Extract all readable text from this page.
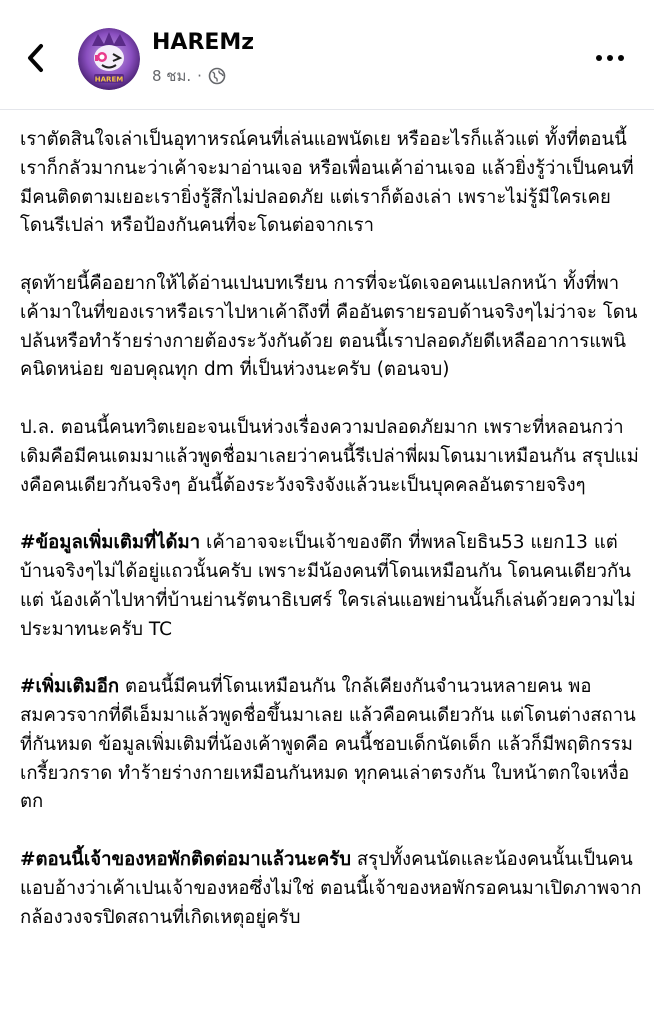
HAREM
HAREMz
8 ชม. ·

เราตัดสินใจเล่าเป็นอุทาหรณ์คนที่เล่นแอพนัดเย หรืออะไรก็แล้วแต่ ทั้งที่ตอนนี้เราก็กลัวมากนะว่าเค้าจะมาอ่านเจอ หรือเพื่อนเค้าอ่านเจอ แล้วยิ่งรู้ว่าเป็นคนที่มีคนติดตามเยอะเรายิ่งรู้สึกไม่ปลอดภัย แต่เราก็ต้องเล่า เพราะไม่รู้มีใครเคย โดนรีเปล่า หรือป้องกันคนที่จะโดนต่อจากเรา

สุดท้ายนี้คืออยากให้ได้อ่านเปนบทเรียน การที่จะนัดเจอคนแปลกหน้า ทั้งที่พาเค้ามาในที่ของเราหรือเราไปหาเค้าถึงที่ คืออันตรายรอบด้านจริงๆไม่ว่าจะ โดนปล้นหรือทำร้ายร่างกายต้องระวังกันด้วย ตอนนี้เราปลอดภัยดีเหลืออาการแพนิคนิดหน่อย ขอบคุณทุก dm ที่เป็นห่วงนะครับ (ตอนจบ)

ป.ล. ตอนนี้คนทวิตเยอะจนเป็นห่วงเรื่องความปลอดภัยมาก เพราะที่หลอนกว่าเดิมคือมีคนเดมมาแล้วพูดชื่อมาเลยว่าคนนี้รีเปล่าพี่ผมโดนมาเหมือนกัน สรุปแม่งคือคนเดียวกันจริงๆ อันนี้ต้องระวังจริงจังแล้วนะเป็นบุคคลอันตรายจริงๆ

#ข้อมูลเพิ่มเติมที่ได้มา เค้าอาจจะเป็นเจ้าของตึก ที่พหลโยธิน53 แยก13 แต่บ้านจริงๆไม่ได้อยู่แถวนั้นครับ เพราะมีน้องคนที่โดนเหมือนกัน โดนคนเดียวกันแต่ น้องเค้าไปหาที่บ้านย่านรัตนาธิเบศร์ ใครเล่นแอพย่านนั้นก็เล่นด้วยความไม่ประมาทนะครับ TC

#เพิ่มเติมอีก ตอนนี้มีคนที่โดนเหมือนกัน ใกล้เคียงกันจำนวนหลายคน พอสมควรจากที่ดีเอ็มมาแล้วพูดชื่อขึ้นมาเลย แล้วคือคนเดียวกัน แต่โดนต่างสถานที่กันหมด ข้อมูลเพิ่มเติมที่น้องเค้าพูดคือ คนนี้ชอบเด็กนัดเด็ก แล้วก็มีพฤติกรรมเกรี้ยวกราด ทำร้ายร่างกายเหมือนกันหมด ทุกคนเล่าตรงกัน ใบหน้าตกใจเหงื่อตก

#ตอนนี้เจ้าของหอพักติดต่อมาแล้วนะครับ สรุปทั้งคนนัดและน้องคนนั้นเป็นคนแอบอ้างว่าเค้าเปนเจ้าของหอซึ่งไม่ใช่ ตอนนี้เจ้าของหอพักรอคนมาเปิดภาพจากกล้องวงจรปิดสถานที่เกิดเหตุอยู่ครับ
